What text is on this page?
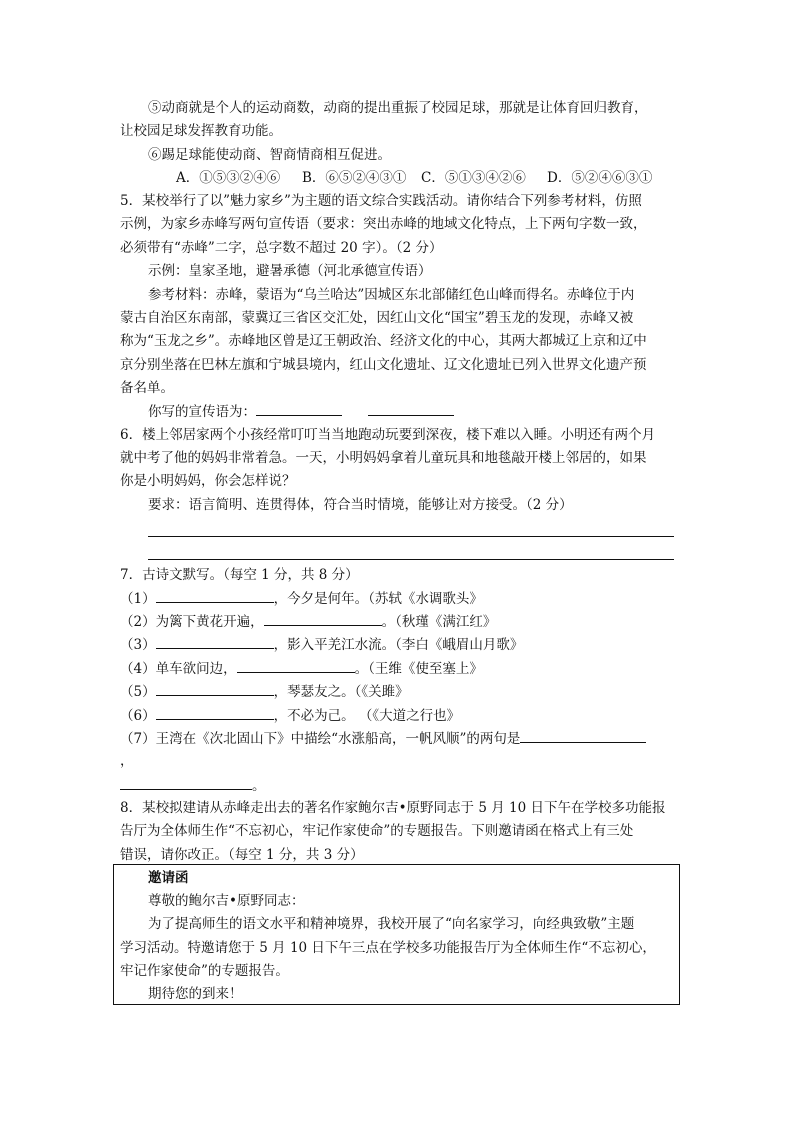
⑤动商就是个人的运动商数，动商的提出重振了校园足球，那就是让体育回归教育，
让校园足球发挥教育功能。
⑥踢足球能使动商、智商情商相互促进。
A．①⑤③②④⑥ B．⑥⑤②④③① C．⑤①③④②⑥ D．⑤②④⑥③①
5．某校举行了以”魅力家乡”为主题的语文综合实践活动。请你结合下列参考材料，仿照
示例，为家乡赤峰写两句宣传语（要求：突出赤峰的地域文化特点，上下两句字数一致，
必须带有“赤峰”二字，总字数不超过 20 字）。（2 分）
示例：皇家圣地，避暑承德（河北承德宣传语）
参考材料：赤峰，蒙语为“乌兰哈达”因城区东北部储红色山峰而得名。赤峰位于内
蒙古自治区东南部，蒙冀辽三省区交汇处，因红山文化“国宝”碧玉龙的发现，赤峰又被
称为“玉龙之乡”。赤峰地区曾是辽王朝政治、经济文化的中心，其两大都城辽上京和辽中
京分别坐落在巴林左旗和宁城县境内，红山文化遗址、辽文化遗址已列入世界文化遗产预
备名单。
你写的宣传语为：
6．楼上邻居家两个小孩经常叮叮当当地跑动玩要到深夜，楼下难以入睡。小明还有两个月
就中考了他的妈妈非常着急。一天，小明妈妈拿着儿童玩具和地毯敲开楼上邻居的，如果
你是小明妈妈，你会怎样说？
要求：语言简明、连贯得体，符合当时情境，能够让对方接受。（2 分）
7．古诗文默写。（每空 1 分，共 8 分）
（1）	，今夕是何年。（苏轼《水调歌头》
（2）为篱下黄花开遍，	。（秋瑾《满江红》
（3）	，影入平羌江水流。（李白《峨眉山月歌》
（4）单车欲问边，	。（王维《使至塞上》
（5）	，琴瑟友之。（《关雎》
（6）	，不必为己。 （《大道之行也》
（7）王湾在《次北固山下》中描绘“水涨船高，一帆风顺”的两句是
，
。
8．某校拟建请从赤峰走出去的著名作家鲍尔吉•原野同志于 5 月 10 日下午在学校多功能报
告厅为全体师生作“不忘初心，牢记作家使命”的专题报告。下则邀请函在格式上有三处
错误，请你改正。（每空 1 分，共 3 分）
邀请函
尊敬的鲍尔吉•原野同志：
为了提高师生的语文水平和精神境界，我校开展了“向名家学习，向经典致敬”主题
学习活动。特邀请您于 5 月 10 日下午三点在学校多功能报告厅为全体师生作“不忘初心，
牢记作家使命”的专题报告。
期待您的到来！
